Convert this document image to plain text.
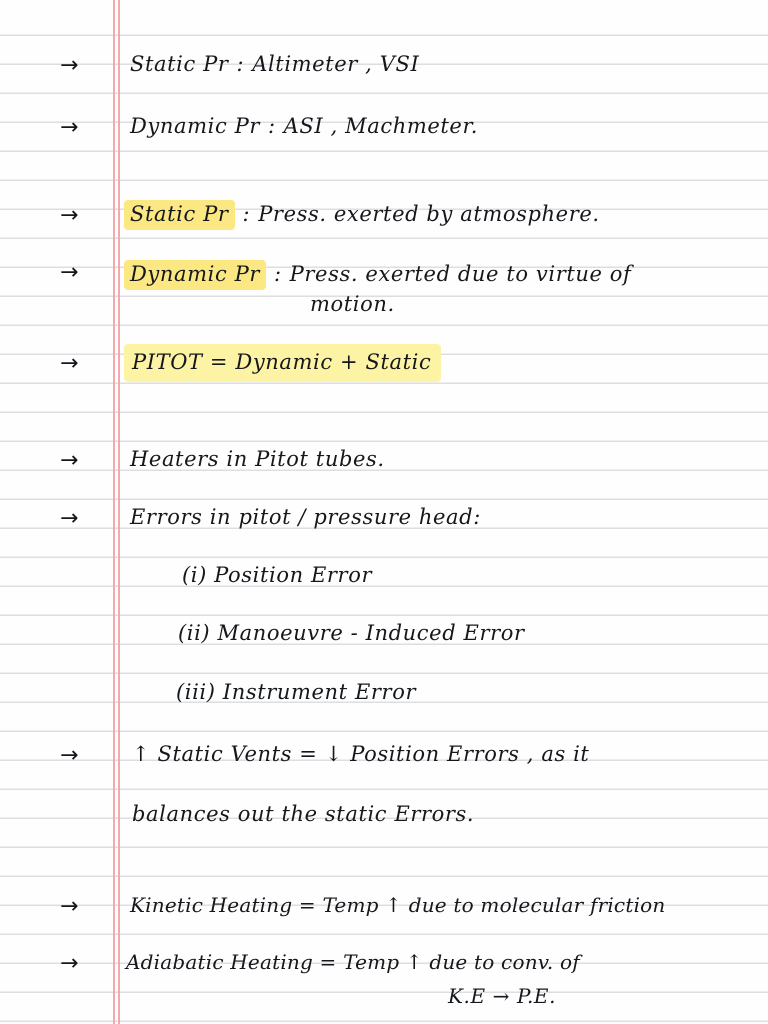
→ Static Pr : Altimeter , VSI
→ Dynamic Pr : ASI , Machmeter.
→ Static Pr : Press. exerted by atmosphere.
→ Dynamic Pr : Press. exerted due to virtue of
motion.
→	PITOT = Dynamic + Static
→ Heaters in Pitot tubes.
→ Errors in pitot / pressure head:
(i) Position Error
(ii) Manoeuvre - Induced Error
(iii) Instrument Error
→	↑ Static Vents = ↓ Position Errors , as it
balances out the static Errors.
→	Kinetic Heating = Temp ↑ due to molecular friction
→ Adiabatic Heating = Temp ↑ due to conv. of
K.E → P.E.
